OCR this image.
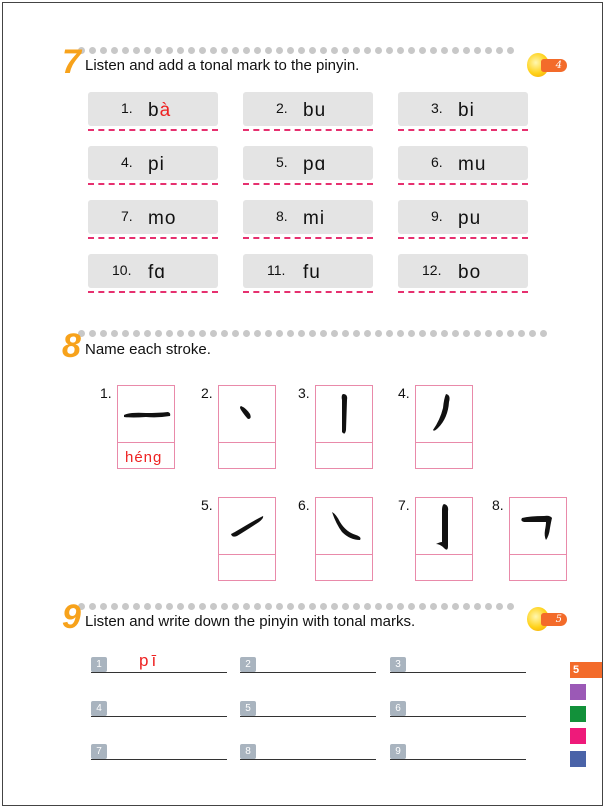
7 Listen and add a tonal mark to the pinyin.	4
1. bà	2. bu	3. bi
4. pi	5. pɑ	6. mu
7. mo	8. mi	9. pu
10. fɑ	11. fu	12. bo
8 Name each stroke.
1.
héng
2.	3.	4.
5.	6.	7.	8.
9 Listen and write down the pinyin with tonal marks.	5
1	pī	2	3
4	5	6
7	8	9
5
